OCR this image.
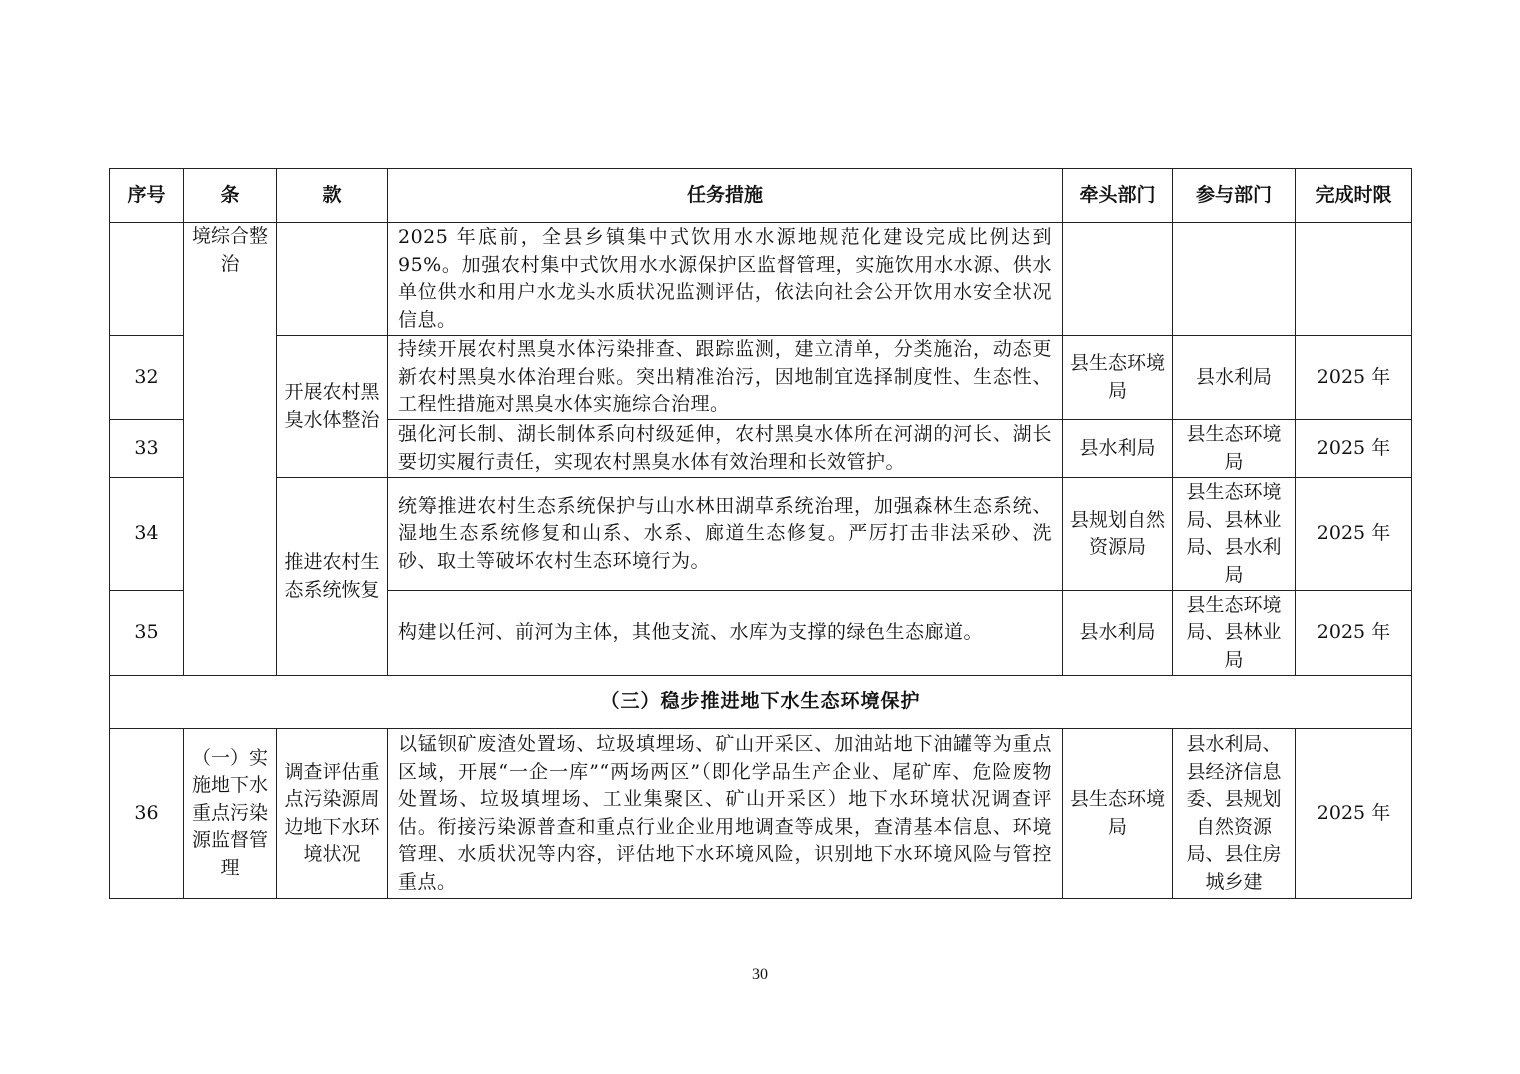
序号	条	款	任务措施	牵头部门	参与部门	完成时限
	境综合整治		2025 年底前，全县乡镇集中式饮用水水源地规范化建设完成比例达到95%。加强农村集中式饮用水水源保护区监督管理，实施饮用水水源、供水单位供水和用户水龙头水质状况监测评估，依法向社会公开饮用水安全状况信息。			
32		开展农村黑臭水体整治	持续开展农村黑臭水体污染排查、跟踪监测，建立清单，分类施治，动态更新农村黑臭水体治理台账。突出精准治污，因地制宜选择制度性、生态性、工程性措施对黑臭水体实施综合治理。	县生态环境局	县水利局	2025 年
33			强化河长制、湖长制体系向村级延伸，农村黑臭水体所在河湖的河长、湖长要切实履行责任，实现农村黑臭水体有效治理和长效管护。	县水利局	县生态环境局	2025 年
34		推进农村生态系统恢复	统筹推进农村生态系统保护与山水林田湖草系统治理，加强森林生态系统、湿地生态系统修复和山系、水系、廊道生态修复。严厉打击非法采砂、洗砂、取土等破坏农村生态环境行为。	县规划自然资源局	县生态环境局、县林业局、县水利局	2025 年
35			构建以任河、前河为主体，其他支流、水库为支撑的绿色生态廊道。	县水利局	县生态环境局、县林业局	2025 年
（三）稳步推进地下水生态环境保护						
36	（一）实施地下水重点污染源监督管理	调查评估重点污染源周边地下水环境状况	以锰钡矿废渣处置场、垃圾填埋场、矿山开采区、加油站地下油罐等为重点区域，开展“一企一库”“两场两区”（即化学品生产企业、尾矿库、危险废物处置场、垃圾填埋场、工业集聚区、矿山开采区）地下水环境状况调查评估。衔接污染源普查和重点行业企业用地调查等成果，查清基本信息、环境管理、水质状况等内容，评估地下水环境风险，识别地下水环境风险与管控重点。	县生态环境局	县水利局、县经济信息委、县规划自然资源局、县住房城乡建	2025 年
30
